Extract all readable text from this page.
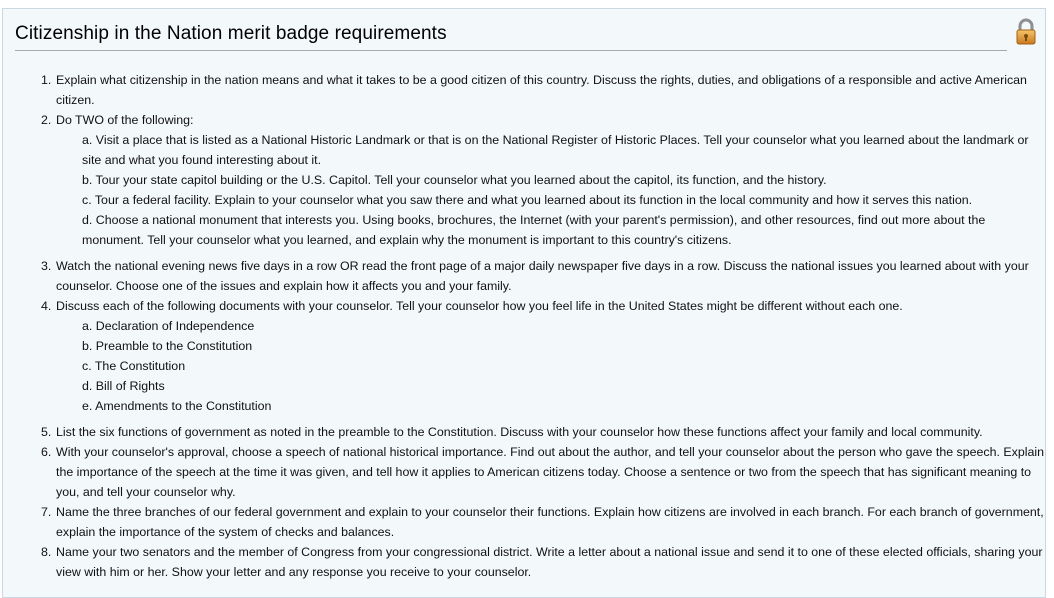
Citizenship in the Nation merit badge requirements
1. Explain what citizenship in the nation means and what it takes to be a good citizen of this country. Discuss the rights, duties, and obligations of a responsible and active American citizen.
2. Do TWO of the following:
a. Visit a place that is listed as a National Historic Landmark or that is on the National Register of Historic Places. Tell your counselor what you learned about the landmark or site and what you found interesting about it.
b. Tour your state capitol building or the U.S. Capitol. Tell your counselor what you learned about the capitol, its function, and the history.
c. Tour a federal facility. Explain to your counselor what you saw there and what you learned about its function in the local community and how it serves this nation.
d. Choose a national monument that interests you. Using books, brochures, the Internet (with your parent's permission), and other resources, find out more about the monument. Tell your counselor what you learned, and explain why the monument is important to this country's citizens.
3. Watch the national evening news five days in a row OR read the front page of a major daily newspaper five days in a row. Discuss the national issues you learned about with your counselor. Choose one of the issues and explain how it affects you and your family.
4. Discuss each of the following documents with your counselor. Tell your counselor how you feel life in the United States might be different without each one.
a. Declaration of Independence
b. Preamble to the Constitution
c. The Constitution
d. Bill of Rights
e. Amendments to the Constitution
5. List the six functions of government as noted in the preamble to the Constitution. Discuss with your counselor how these functions affect your family and local community.
6. With your counselor's approval, choose a speech of national historical importance. Find out about the author, and tell your counselor about the person who gave the speech. Explain the importance of the speech at the time it was given, and tell how it applies to American citizens today. Choose a sentence or two from the speech that has significant meaning to you, and tell your counselor why.
7. Name the three branches of our federal government and explain to your counselor their functions. Explain how citizens are involved in each branch. For each branch of government, explain the importance of the system of checks and balances.
8. Name your two senators and the member of Congress from your congressional district. Write a letter about a national issue and send it to one of these elected officials, sharing your view with him or her. Show your letter and any response you receive to your counselor.
